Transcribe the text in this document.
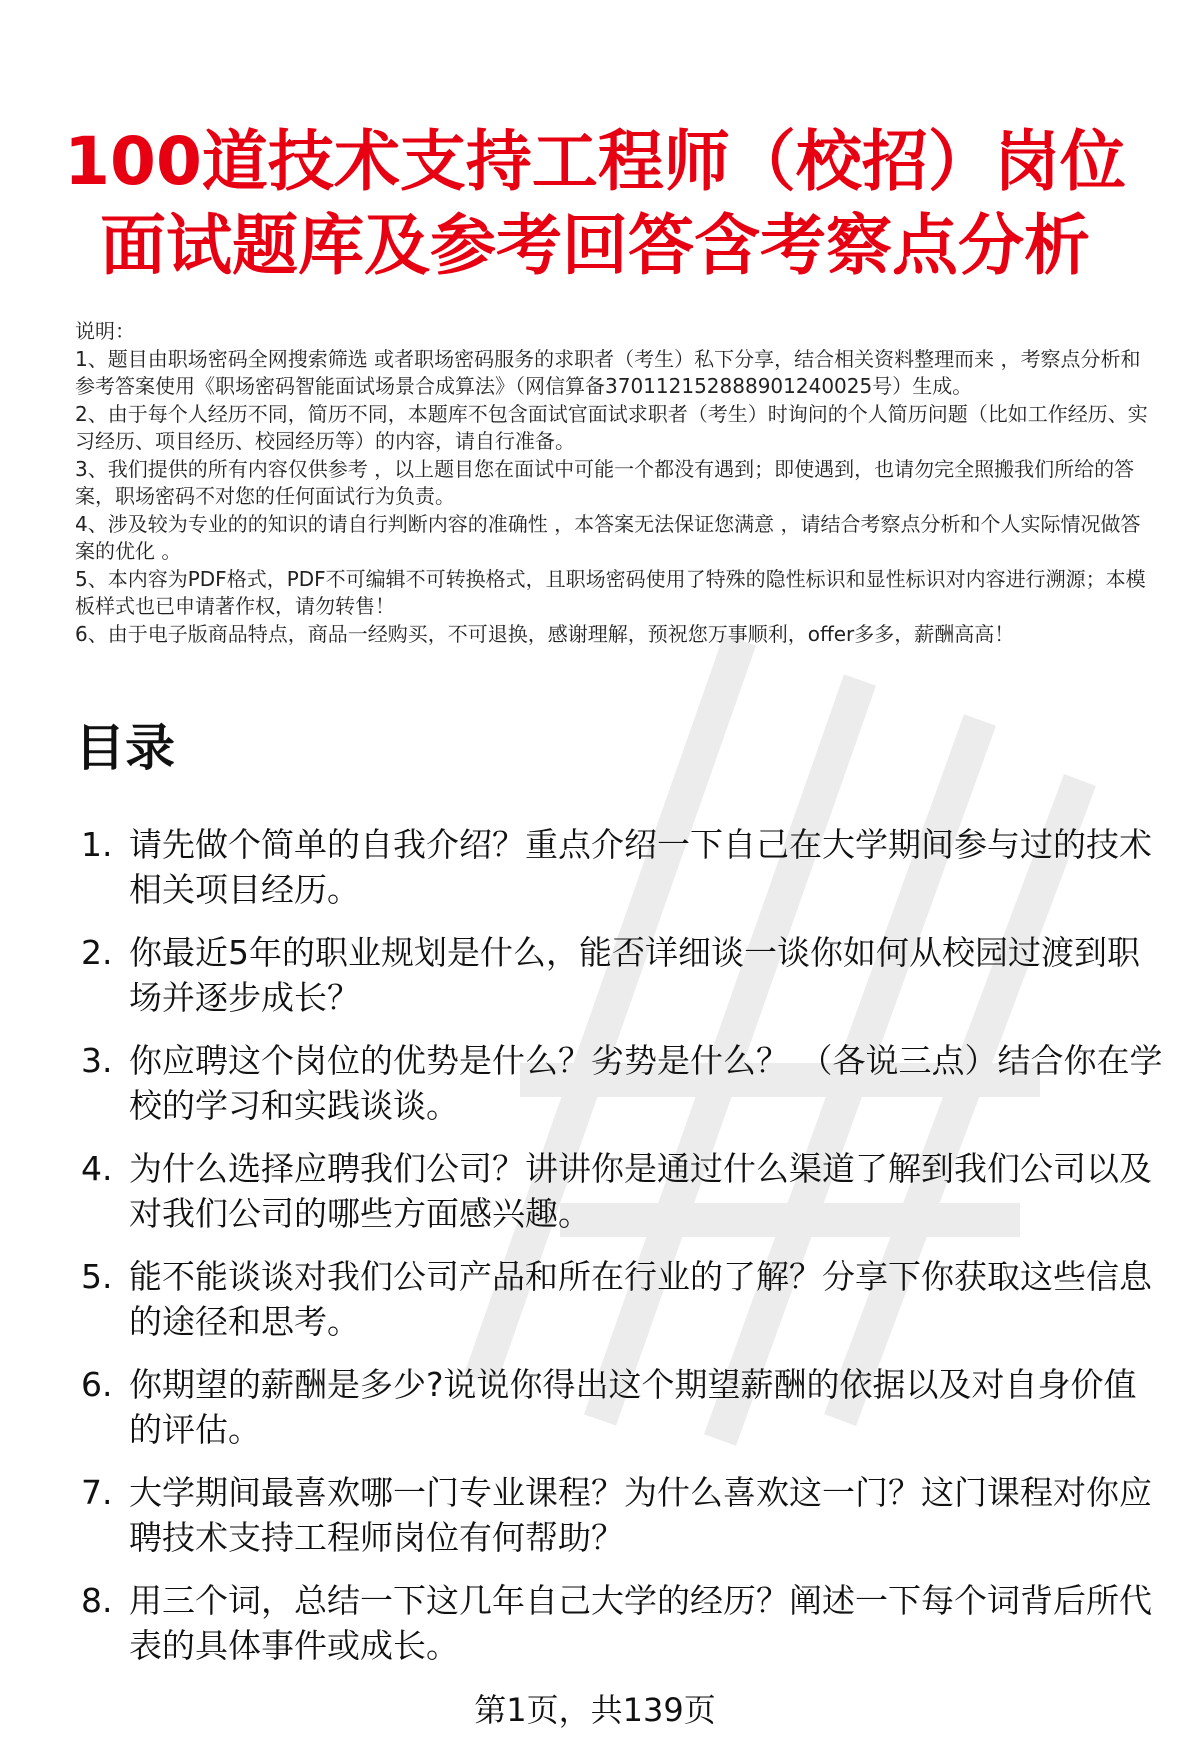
100道技术支持工程师（校招）岗位
面试题库及参考回答含考察点分析

说明：

1、题目由职场密码全网搜索筛选 或者职场密码服务的求职者（考生）私下分享，结合相关资料整理而来 ，考察点分析和参考答案使用《职场密码智能面试场景合成算法》（网信算备370112152888901240025号）生成。

2、由于每个人经历不同，简历不同，本题库不包含面试官面试求职者（考生）时询问的个人简历问题（比如工作经历、实习经历、项目经历、校园经历等）的内容，请自行准备。

3、我们提供的所有内容仅供参考 ，以上题目您在面试中可能一个都没有遇到；即使遇到，也请勿完全照搬我们所给的答案，职场密码不对您的任何面试行为负责。

4、涉及较为专业的的知识的请自行判断内容的准确性 ，本答案无法保证您满意 ，请结合考察点分析和个人实际情况做答案的优化 。

5、本内容为PDF格式，PDF不可编辑不可转换格式，且职场密码使用了特殊的隐性标识和显性标识对内容进行溯源；本模板样式也已申请著作权，请勿转售！

6、由于电子版商品特点，商品一经购买，不可退换，感谢理解，预祝您万事顺利，offer多多，薪酬高高！

目录
1. 请先做个简单的自我介绍？重点介绍一下自己在大学期间参与过的技术相关项目经历。
2. 你最近5年的职业规划是什么，能否详细谈一谈你如何从校园过渡到职场并逐步成长？
3. 你应聘这个岗位的优势是什么？劣势是什么？ （各说三点）结合你在学校的学习和实践谈谈。
4. 为什么选择应聘我们公司？讲讲你是通过什么渠道了解到我们公司以及对我们公司的哪些方面感兴趣。
5. 能不能谈谈对我们公司产品和所在行业的了解？分享下你获取这些信息的途径和思考。
6. 你期望的薪酬是多少?说说你得出这个期望薪酬的依据以及对自身价值的评估。
7. 大学期间最喜欢哪一门专业课程？为什么喜欢这一门？这门课程对你应聘技术支持工程师岗位有何帮助？
8. 用三个词，总结一下这几年自己大学的经历？阐述一下每个词背后所代表的具体事件或成长。
第1页，共139页
